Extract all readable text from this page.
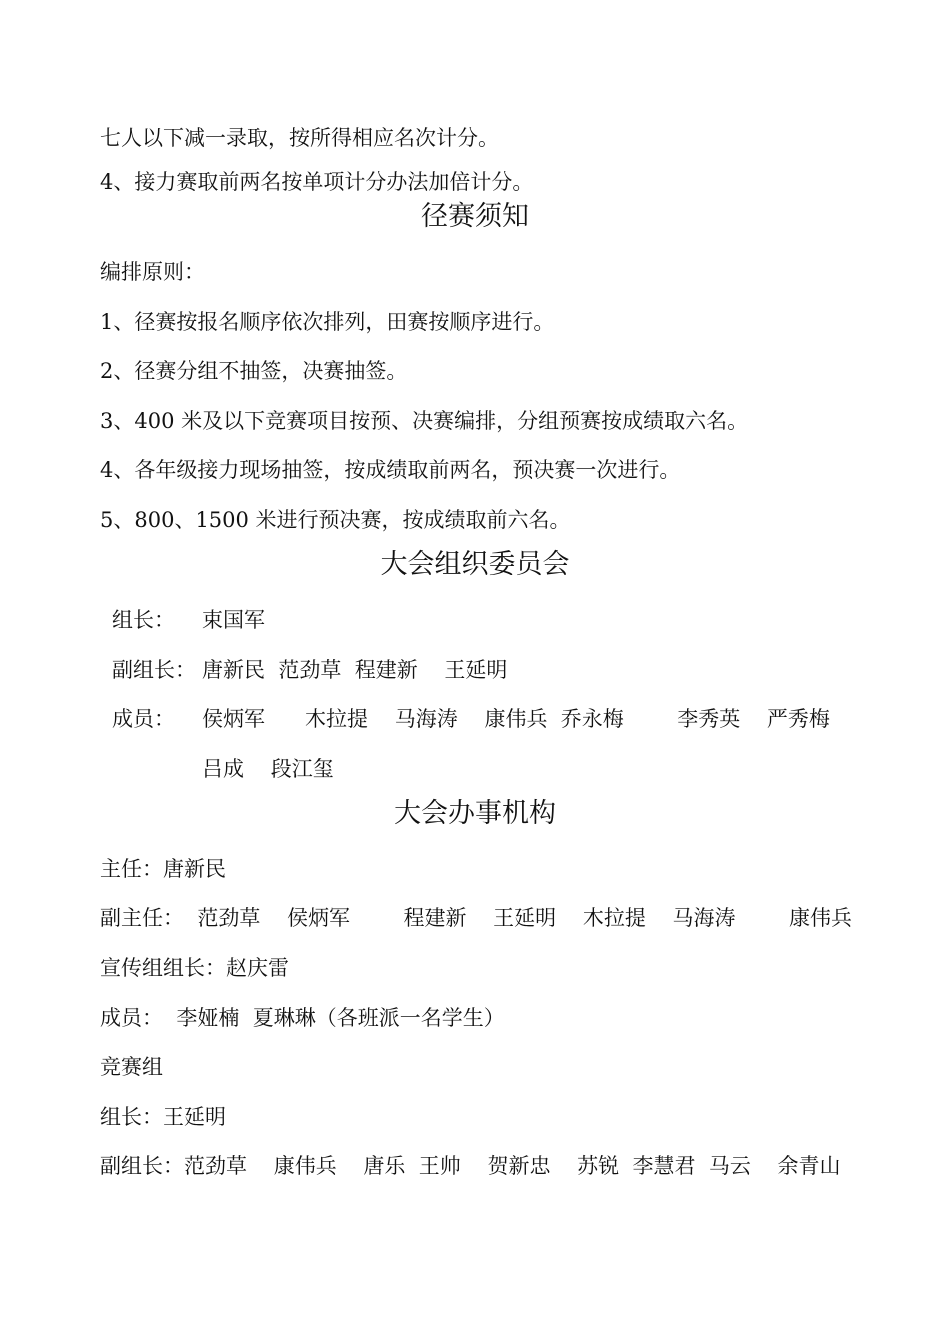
七人以下减一录取，按所得相应名次计分。
4、接力赛取前两名按单项计分办法加倍计分。
径赛须知
编排原则：
1、径赛按报名顺序依次排列，田赛按顺序进行。
2、径赛分组不抽签，决赛抽签。
3、400 米及以下竞赛项目按预、决赛编排，分组预赛按成绩取六名。
4、各年级接力现场抽签，按成绩取前两名，预决赛一次进行。
5、800、1500 米进行预决赛，按成绩取前六名。
大会组织委员会
组长： 束国军
副组长： 唐新民  范劲草  程建新    王延明
成员： 侯炳军      木拉提    马海涛    康伟兵  乔永梅        李秀英    严秀梅
吕成    段江玺
大会办事机构
主任：唐新民
副主任：  范劲草    侯炳军        程建新    王延明    木拉提    马海涛        康伟兵
宣传组组长：赵庆雷
成员：  李娅楠  夏琳琳（各班派一名学生）
竞赛组
组长：王延明
副组长：范劲草    康伟兵    唐乐  王帅    贺新忠    苏锐  李慧君  马云    余青山
